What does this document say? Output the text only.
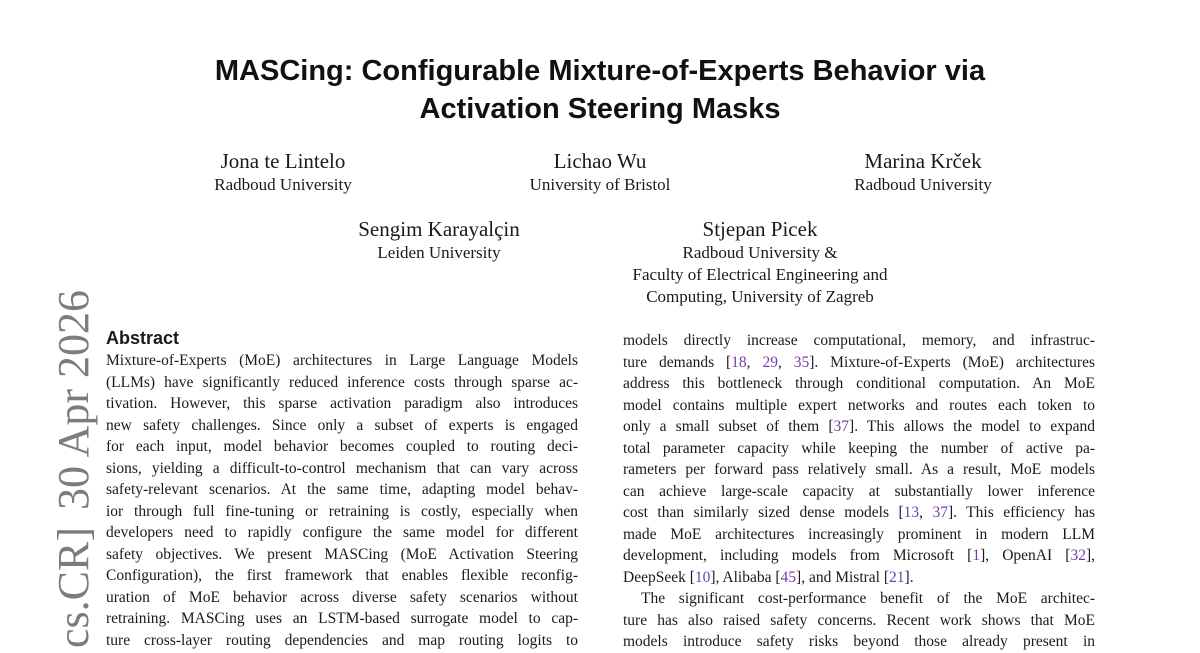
MASCing: Configurable Mixture-of-Experts Behavior via
Activation Steering Masks
Jona te Lintelo
Radboud University
Lichao Wu
University of Bristol
Marina Krček
Radboud University
Sengim Karayalçin
Leiden University
Stjepan Picek
Radboud University &
Faculty of Electrical Engineering and
Computing, University of Zagreb
cs.CR] 30 Apr 2026 Abstract
Mixture-of-Experts (MoE) architectures in Large Language Models
(LLMs) have significantly reduced inference costs through sparse ac-
tivation. However, this sparse activation paradigm also introduces
new safety challenges. Since only a subset of experts is engaged
for each input, model behavior becomes coupled to routing deci-
sions, yielding a difficult-to-control mechanism that can vary across
safety-relevant scenarios. At the same time, adapting model behav-
ior through full fine-tuning or retraining is costly, especially when
developers need to rapidly configure the same model for different
safety objectives. We present MASCing (MoE Activation Steering
Configuration), the first framework that enables flexible reconfig-
uration of MoE behavior across diverse safety scenarios without
retraining. MASCing uses an LSTM-based surrogate model to cap-
ture cross-layer routing dependencies and map routing logits to
models directly increase computational, memory, and infrastruc-
ture demands [18, 29, 35]. Mixture-of-Experts (MoE) architectures
address this bottleneck through conditional computation. An MoE
model contains multiple expert networks and routes each token to
only a small subset of them [37]. This allows the model to expand
total parameter capacity while keeping the number of active pa-
rameters per forward pass relatively small. As a result, MoE models
can achieve large-scale capacity at substantially lower inference
cost than similarly sized dense models [13, 37]. This efficiency has
made MoE architectures increasingly prominent in modern LLM
development, including models from Microsoft [1], OpenAI [32],
DeepSeek [10], Alibaba [45], and Mistral [21].
The significant cost-performance benefit of the MoE architec-
ture has also raised safety concerns. Recent work shows that MoE
models introduce safety risks beyond those already present in
